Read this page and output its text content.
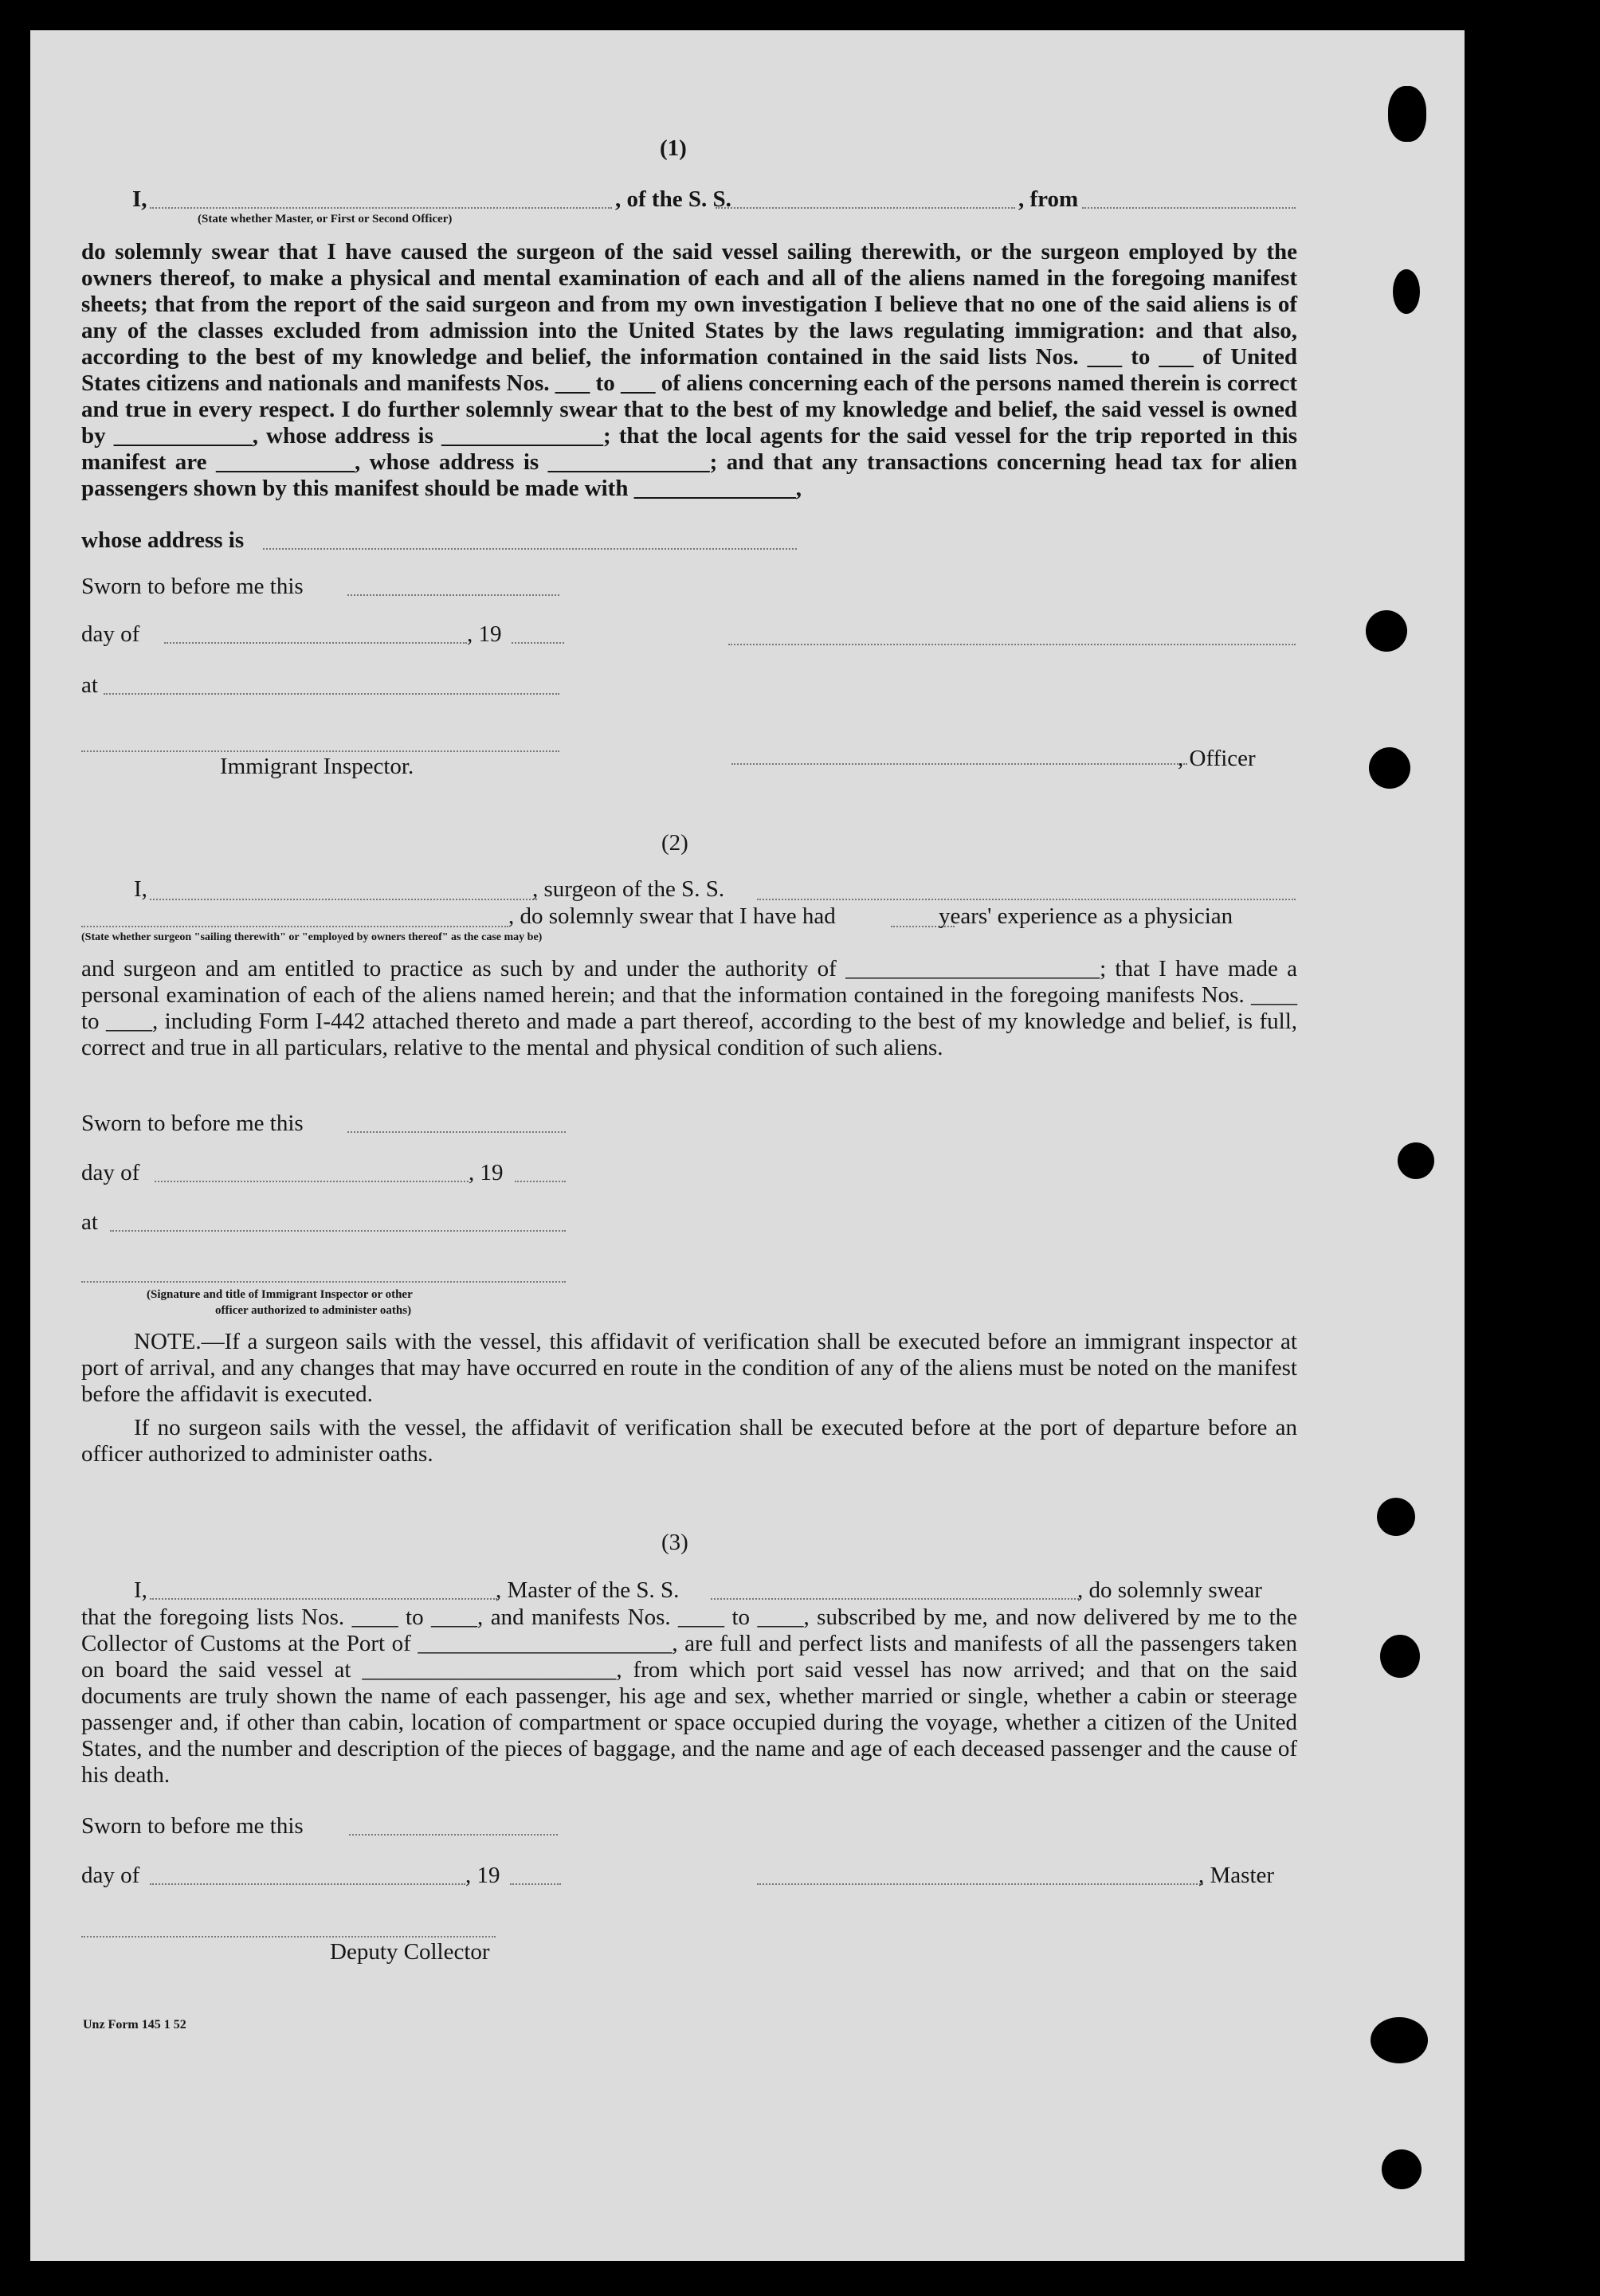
(1)
I,	, of the S. S.	, from
(State whether Master, or First or Second Officer)
do solemnly swear that I have caused the surgeon of the said vessel sailing therewith, or the surgeon employed by the owners thereof, to make a physical and mental examination of each and all of the aliens named in the foregoing manifest sheets; that from the report of the said surgeon and from my own investigation I believe that no one of the said aliens is of any of the classes excluded from admission into the United States by the laws regulating immigration: and that also, according to the best of my knowledge and belief, the information contained in the said lists Nos. ___ to ___ of United States citizens and nationals and manifests Nos. ___ to ___ of aliens concerning each of the persons named therein is correct and true in every respect. I do further solemnly swear that to the best of my knowledge and belief, the said vessel is owned by ____________, whose address is ______________; that the local agents for the said vessel for the trip reported in this manifest are ____________, whose address is ______________; and that any transactions concerning head tax for alien passengers shown by this manifest should be made with ______________,
whose address is
Sworn to before me this
day of	, 19
at
Immigrant Inspector.	, Officer
(2)
I,	, surgeon of the S. S.
, do solemnly swear that I have had	years' experience as a physician
(State whether surgeon "sailing therewith" or "employed by owners thereof" as the case may be)
and surgeon and am entitled to practice as such by and under the authority of ______________________; that I have made a personal examination of each of the aliens named herein; and that the information contained in the foregoing manifests Nos. ____ to ____, including Form I-442 attached thereto and made a part thereof, according to the best of my knowledge and belief, is full, correct and true in all particulars, relative to the mental and physical condition of such aliens.
Sworn to before me this
day of	, 19
at
(Signature and title of Immigrant Inspector or other
officer authorized to administer oaths)
NOTE.—If a surgeon sails with the vessel, this affidavit of verification shall be executed before an immigrant inspector at port of arrival, and any changes that may have occurred en route in the condition of any of the aliens must be noted on the manifest before the affidavit is executed.
If no surgeon sails with the vessel, the affidavit of verification shall be executed before at the port of departure before an officer authorized to administer oaths.
(3)
I,	, Master of the S. S.	, do solemnly swear
that the foregoing lists Nos. ____ to ____, and manifests Nos. ____ to ____, subscribed by me, and now delivered by me to the Collector of Customs at the Port of ______________________, are full and perfect lists and manifests of all the passengers taken on board the said vessel at ______________________, from which port said vessel has now arrived; and that on the said documents are truly shown the name of each passenger, his age and sex, whether married or single, whether a cabin or steerage passenger and, if other than cabin, location of compartment or space occupied during the voyage, whether a citizen of the United States, and the number and description of the pieces of baggage, and the name and age of each deceased passenger and the cause of his death.
Sworn to before me this
day of	, 19	, Master
Deputy Collector
Unz Form 145 1 52
